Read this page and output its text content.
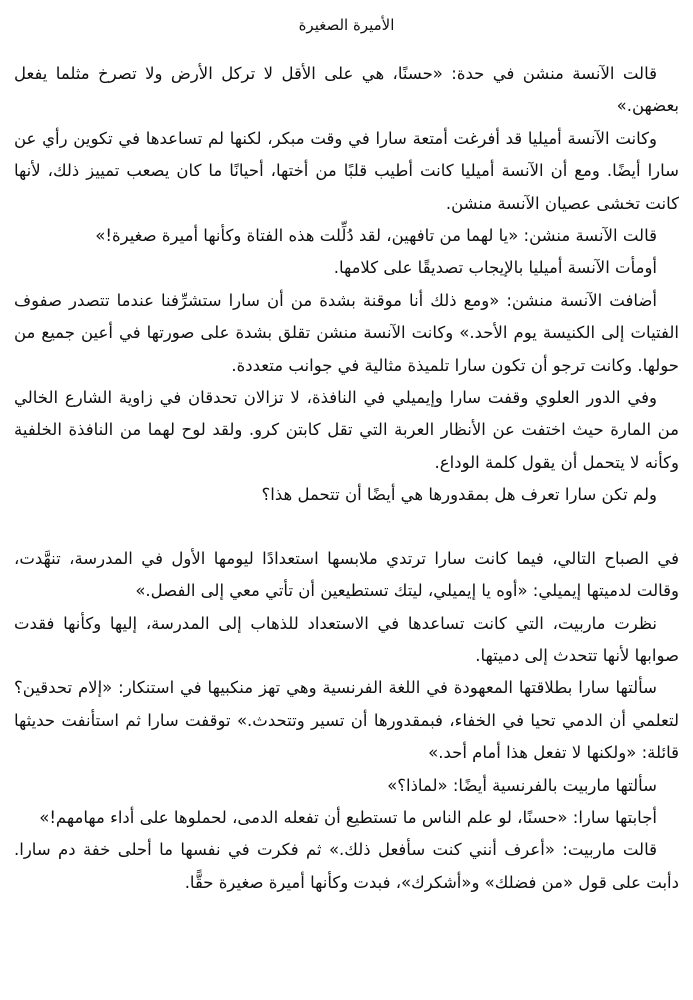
الأميرة الصغيرة

قالت الآنسة منشن في حدة: «حسنًا، هي على الأقل لا تركل الأرض ولا تصرخ مثلما يفعل بعضهن.»

وكانت الآنسة أميليا قد أفرغت أمتعة سارا في وقت مبكر، لكنها لم تساعدها في تكوين رأي عن سارا أيضًا. ومع أن الآنسة أميليا كانت أطيب قلبًا من أختها، أحيانًا ما كان يصعب تمييز ذلك، لأنها كانت تخشى عصيان الآنسة منشن.

قالت الآنسة منشن: «يا لهما من تافهين، لقد دُلِّلت هذه الفتاة وكأنها أميرة صغيرة!»

أومأت الآنسة أميليا بالإيجاب تصديقًا على كلامها.

أضافت الآنسة منشن: «ومع ذلك أنا موقنة بشدة من أن سارا ستشرِّفنا عندما تتصدر صفوف الفتيات إلى الكنيسة يوم الأحد.» وكانت الآنسة منشن تقلق بشدة على صورتها في أعين جميع من حولها. وكانت ترجو أن تكون سارا تلميذة مثالية في جوانب متعددة.

وفي الدور العلوي وقفت سارا وإيميلي في النافذة، لا تزالان تحدقان في زاوية الشارع الخالي من المارة حيث اختفت عن الأنظار العربة التي تقل كابتن كرو. ولقد لوح لهما من النافذة الخلفية وكأنه لا يتحمل أن يقول كلمة الوداع.

ولم تكن سارا تعرف هل بمقدورها هي أيضًا أن تتحمل هذا؟

في الصباح التالي، فيما كانت سارا ترتدي ملابسها استعدادًا ليومها الأول في المدرسة، تنهَّدت، وقالت لدميتها إيميلي: «أوه يا إيميلي، ليتك تستطيعين أن تأتي معي إلى الفصل.»

نظرت ماربيت، التي كانت تساعدها في الاستعداد للذهاب إلى المدرسة، إليها وكأنها فقدت صوابها لأنها تتحدث إلى دميتها.

سألتها سارا بطلاقتها المعهودة في اللغة الفرنسية وهي تهز منكبيها في استنكار: «إلام تحدقين؟ لتعلمي أن الدمي تحيا في الخفاء، فبمقدورها أن تسير وتتحدث.» توقفت سارا ثم استأنفت حديثها قائلة: «ولكنها لا تفعل هذا أمام أحد.»

سألتها ماربيت بالفرنسية أيضًا: «لماذا؟»

أجابتها سارا: «حسنًا، لو علم الناس ما تستطيع أن تفعله الدمى، لحملوها على أداء مهامهم!»

قالت ماربيت: «أعرف أنني كنت سأفعل ذلك.» ثم فكرت في نفسها ما أحلى خفة دم سارا. دأبت على قول «من فضلك» و«أشكرك»، فبدت وكأنها أميرة صغيرة حقًّا.
